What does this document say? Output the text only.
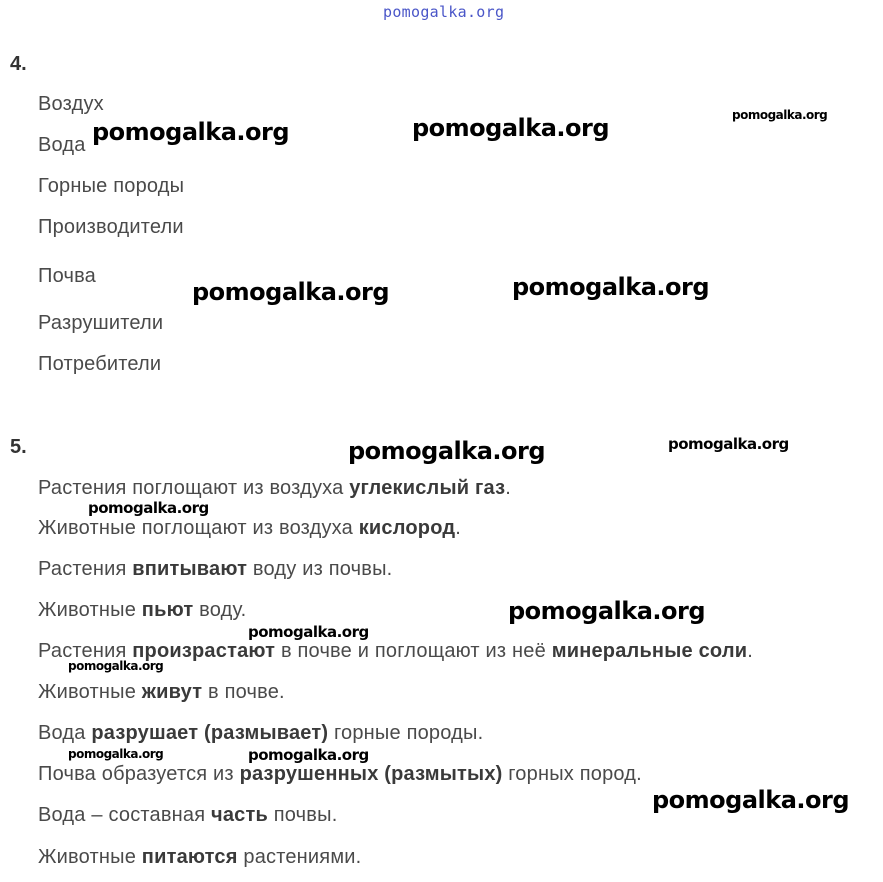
pomogalka.org
4.
Воздух
Вода
Горные породы
Производители
Почва
Разрушители
Потребители
5.
Растения поглощают из воздуха углекислый газ.
Животные поглощают из воздуха кислород.
Растения впитывают воду из почвы.
Животные пьют воду.
Растения произрастают в почве и поглощают из неё минеральные соли.
Животные живут в почве.
Вода разрушает (размывает) горные породы.
Почва образуется из разрушенных (размытых) горных пород.
Вода – составная часть почвы.
Животные питаются растениями.
pomogalka.org	pomogalka.org	pomogalka.org
pomogalka.org	pomogalka.org
pomogalka.org	pomogalka.org
pomogalka.org
pomogalka.org
pomogalka.org
pomogalka.org
pomogalka.org	pomogalka.org
pomogalka.org
